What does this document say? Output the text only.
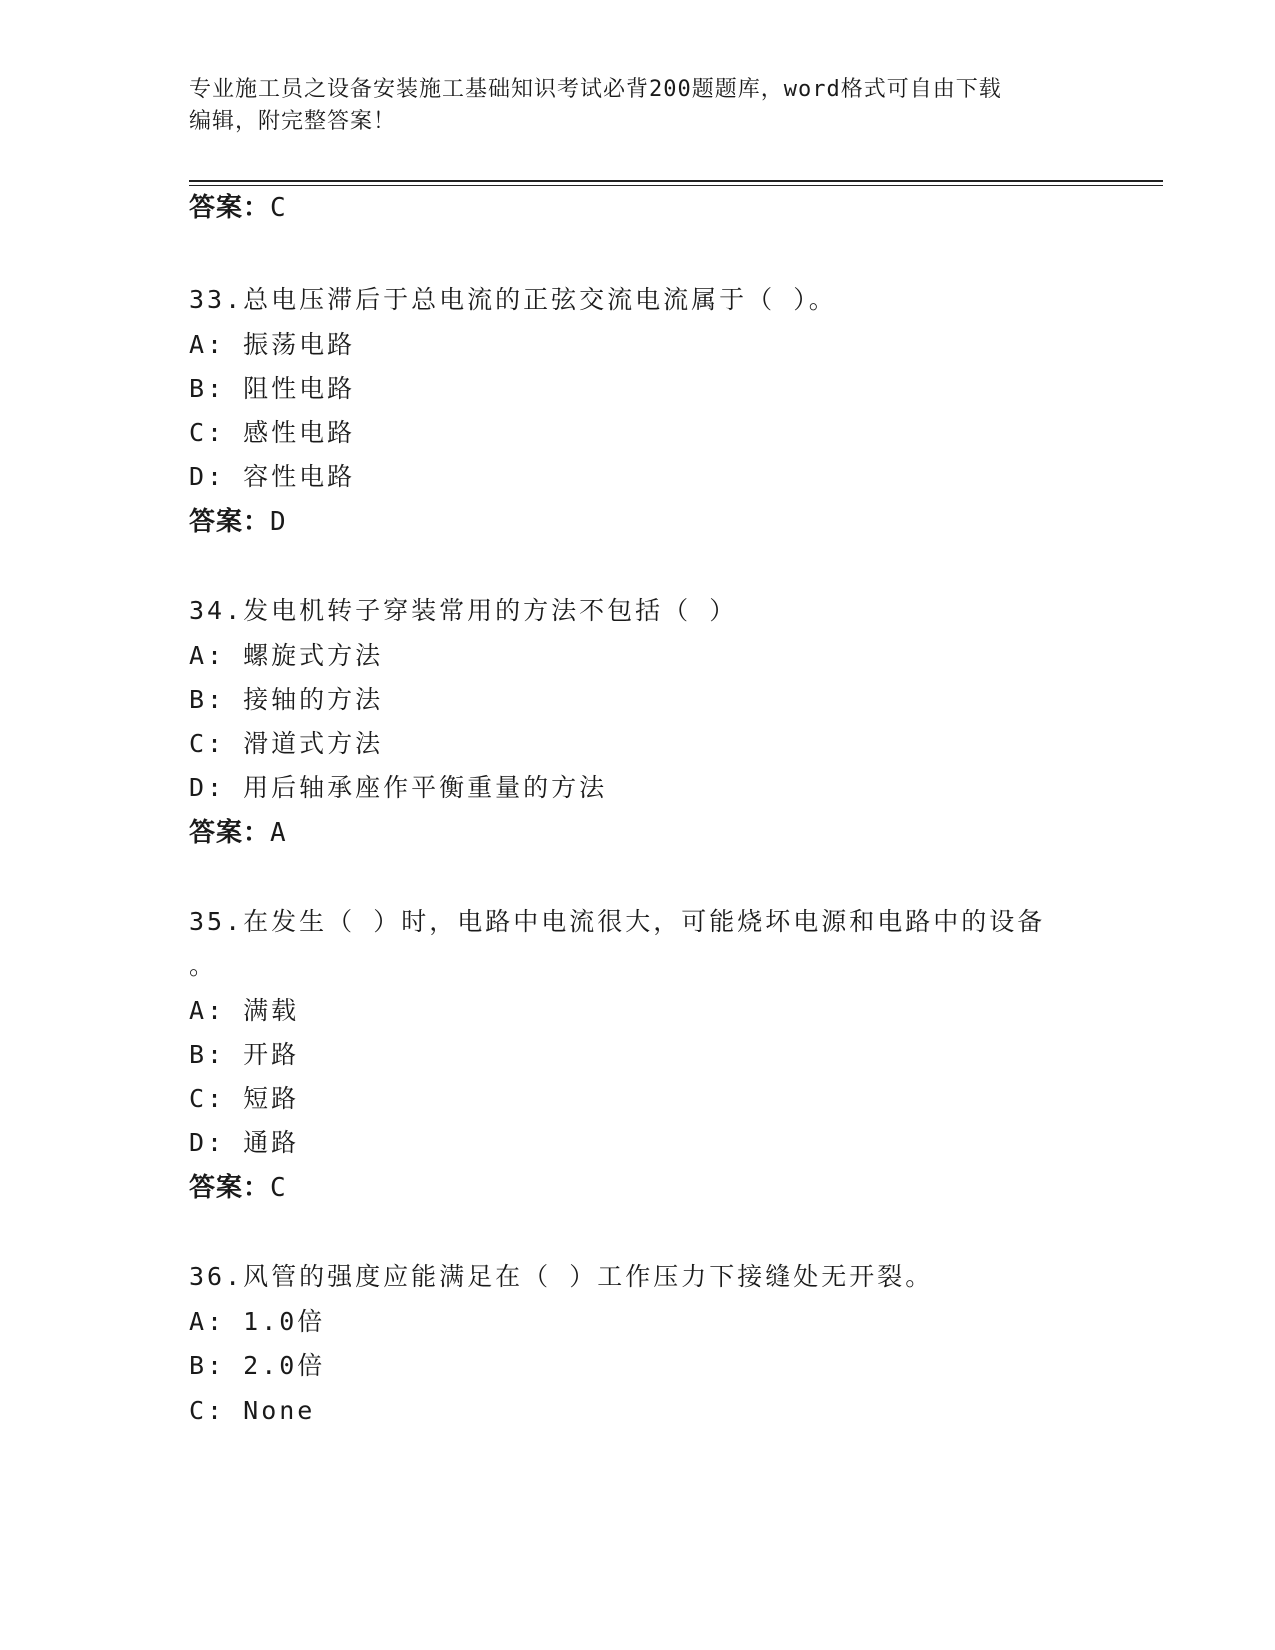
专业施工员之设备安装施工基础知识考试必背200题题库，word格式可自由下载
编辑，附完整答案！
答案：C
33.总电压滞后于总电流的正弦交流电流属于（ ）。
A: 振荡电路
B: 阻性电路
C: 感性电路
D: 容性电路
答案：D
34.发电机转子穿装常用的方法不包括（ ）
A: 螺旋式方法
B: 接轴的方法
C: 滑道式方法
D: 用后轴承座作平衡重量的方法
答案：A
35.在发生（ ）时，电路中电流很大，可能烧坏电源和电路中的设备
。
A: 满载
B: 开路
C: 短路
D: 通路
答案：C
36.风管的强度应能满足在（ ）工作压力下接缝处无开裂。
A: 1.0倍
B: 2.0倍
C: None
